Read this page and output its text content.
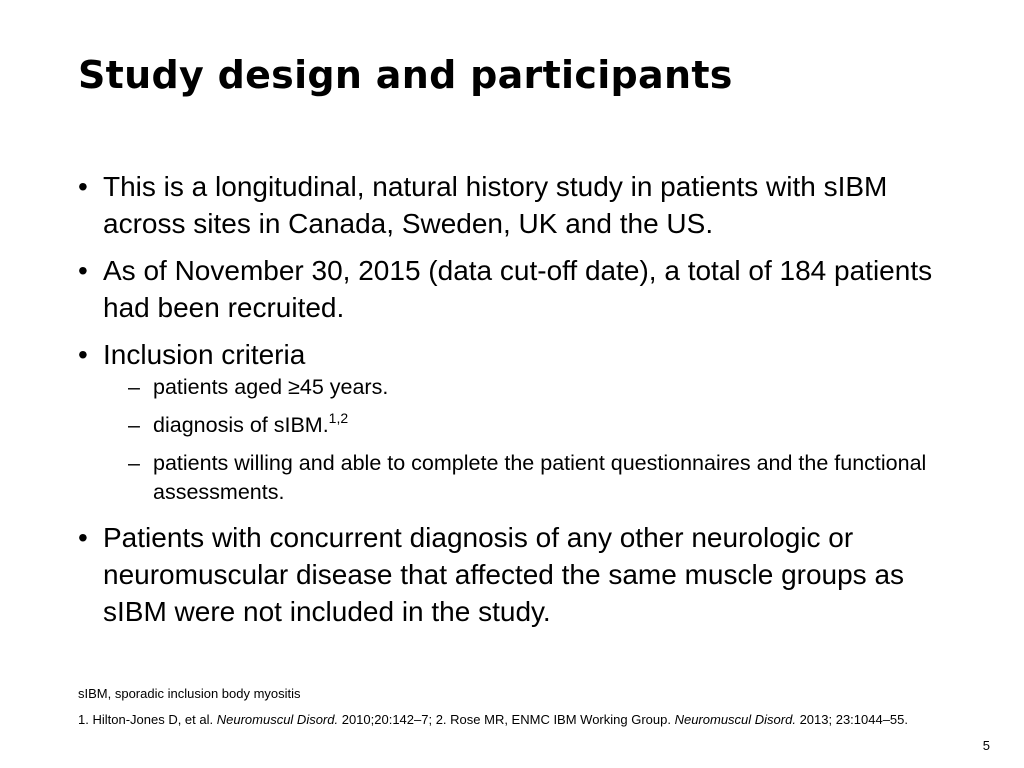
Study design and participants
• This is a longitudinal, natural history study in patients with sIBM across sites in Canada, Sweden, UK and the US.
• As of November 30, 2015 (data cut-off date), a total of 184 patients had been recruited.
• Inclusion criteria
– patients aged ≥45 years.
– diagnosis of sIBM.$^{1,2}$
– patients willing and able to complete the patient questionnaires and the functional assessments.
• Patients with concurrent diagnosis of any other neurologic or neuromuscular disease that affected the same muscle groups as sIBM were not included in the study.

sIBM, sporadic inclusion body myositis

1. Hilton-Jones D, et al. Neuromuscul Disord. 2010;20:142–7; 2. Rose MR, ENMC IBM Working Group. Neuromuscul Disord. 2013; 23:1044–55.

5
